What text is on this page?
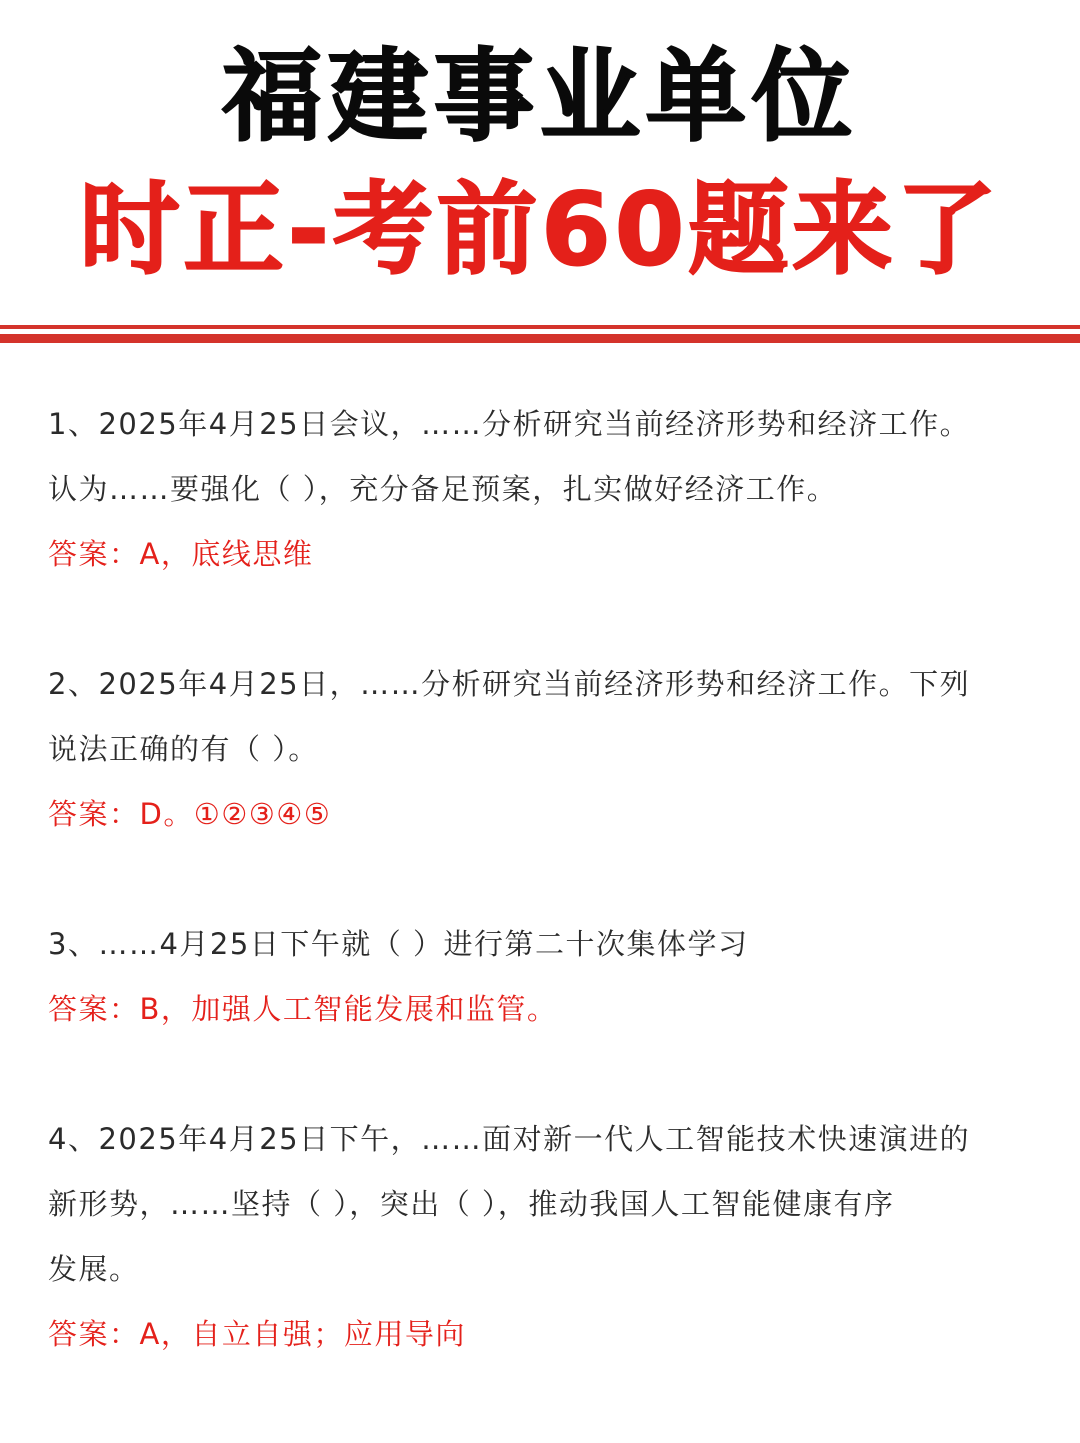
福建事业单位
时正-考前60题来了
1、2025年4月25日会议，……分析研究当前经济形势和经济工作。
认为……要强化（ ），充分备足预案，扎实做好经济工作。
答案：A，底线思维
2、2025年4月25日，……分析研究当前经济形势和经济工作。下列
说法正确的有（ ）。
答案：D。①②③④⑤
3、……4月25日下午就（ ）进行第二十次集体学习
答案：B，加强人工智能发展和监管。
4、2025年4月25日下午，……面对新一代人工智能技术快速演进的
新形势，……坚持（ ），突出（ ），推动我国人工智能健康有序
发展。
答案：A，自立自强；应用导向
